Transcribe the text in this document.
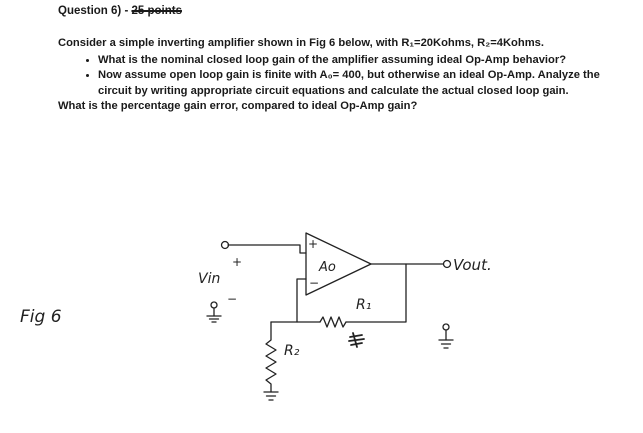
Question 6) - 25 points

Consider a simple inverting amplifier shown in Fig 6 below, with R₁=20Kohms, R₂=4Kohms.

• What is the nominal closed loop gain of the amplifier assuming ideal Op-Amp behavior?
• Now assume open loop gain is finite with A₀= 400, but otherwise an ideal Op-Amp. Analyze the circuit by writing appropriate circuit equations and calculate the actual closed loop gain.

What is the percentage gain error, compared to ideal Op-Amp gain?

Fig 6
Vin
+
−
+
−
Ao
R₁
R₂
Vout.
